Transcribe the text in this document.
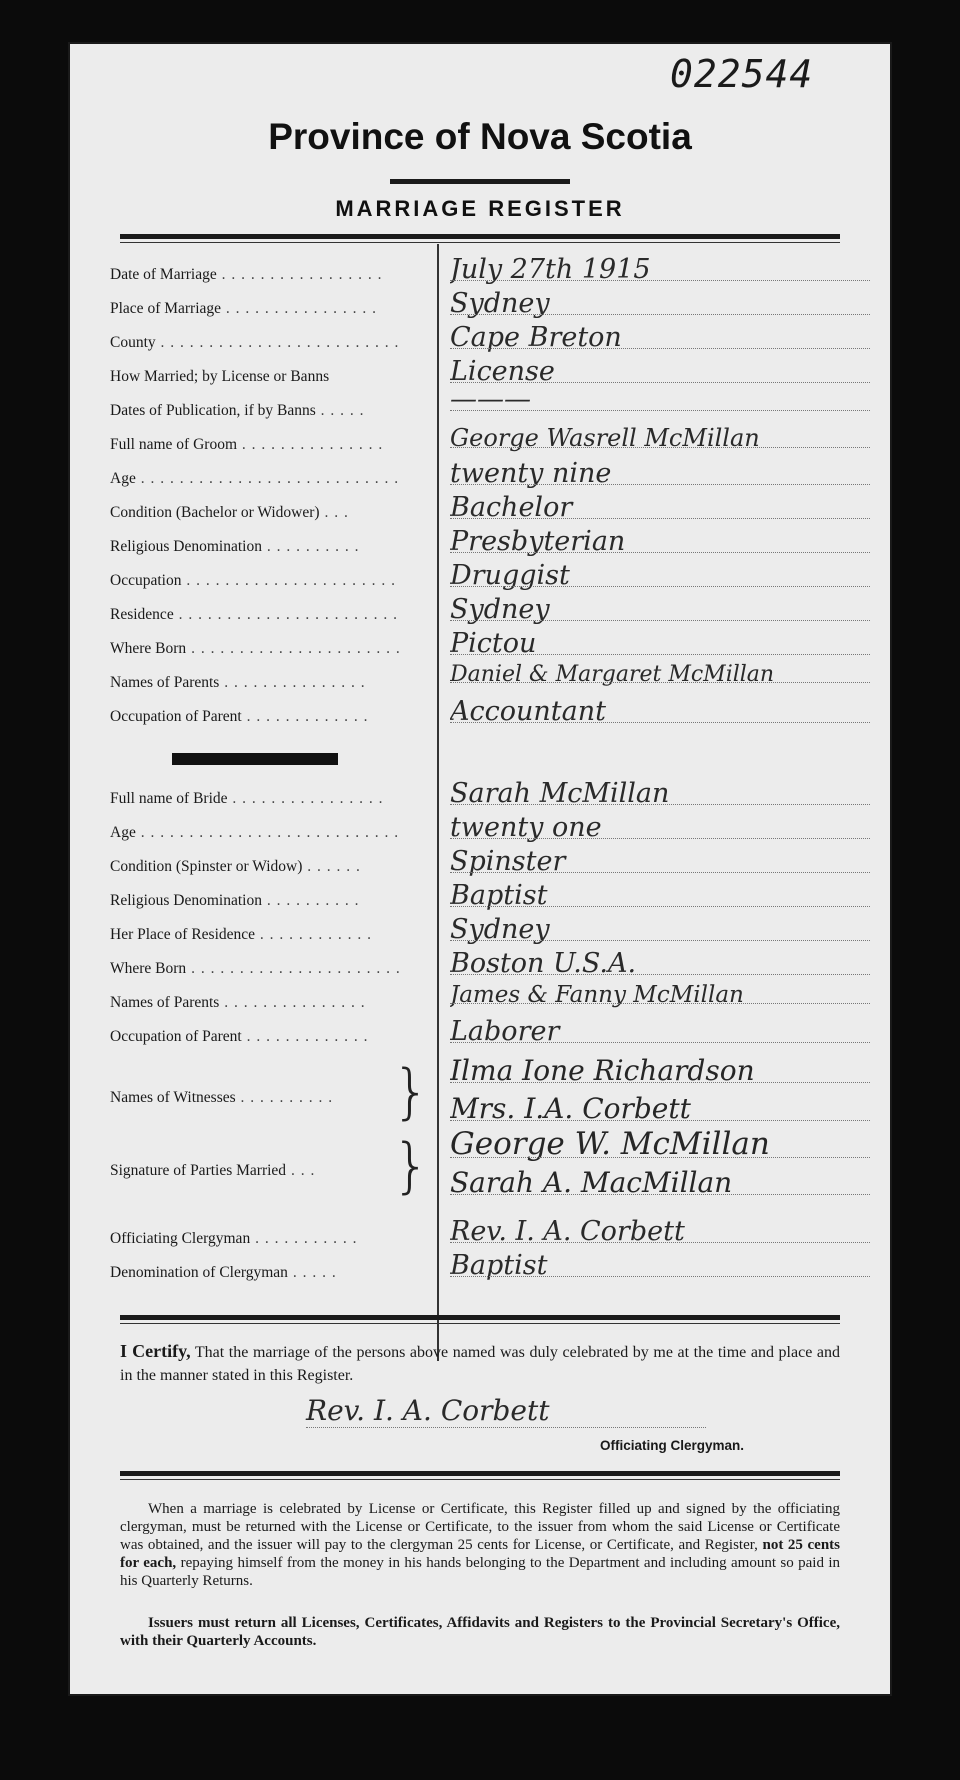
022544
Province of Nova Scotia
MARRIAGE REGISTER
Date of Marriage . . . . . . . . . . . . . . . . .	July 27th 1915
Place of Marriage . . . . . . . . . . . . . . . .	Sydney
County . . . . . . . . . . . . . . . . . . . . . . . . .	Cape Breton
How Married; by License or Banns	License
Dates of Publication, if by Banns . . . . .	———
Full name of Groom . . . . . . . . . . . . . . .	George Wasrell McMillan
Age . . . . . . . . . . . . . . . . . . . . . . . . . . .	twenty nine
Condition (Bachelor or Widower) . . .	Bachelor
Religious Denomination . . . . . . . . . .	Presbyterian
Occupation . . . . . . . . . . . . . . . . . . . . . .	Druggist
Residence . . . . . . . . . . . . . . . . . . . . . . .	Sydney
Where Born . . . . . . . . . . . . . . . . . . . . . .	Pictou
Names of Parents . . . . . . . . . . . . . . .	Daniel & Margaret McMillan
Occupation of Parent . . . . . . . . . . . . .	Accountant
Full name of Bride . . . . . . . . . . . . . . . .	Sarah McMillan
Age . . . . . . . . . . . . . . . . . . . . . . . . . . .	twenty one
Condition (Spinster or Widow) . . . . . .	Spinster
Religious Denomination . . . . . . . . . .	Baptist
Her Place of Residence . . . . . . . . . . . .	Sydney
Where Born . . . . . . . . . . . . . . . . . . . . . .	Boston U.S.A.
Names of Parents . . . . . . . . . . . . . . .	James & Fanny McMillan
Occupation of Parent . . . . . . . . . . . . .	Laborer
Names of Witnesses . . . . . . . . . . } Ilma Ione Richardson
Mrs. I.A. Corbett
Signature of Parties Married . . .	} George W. McMillan
Sarah A. MacMillan
Officiating Clergyman . . . . . . . . . . .	Rev. I. A. Corbett
Denomination of Clergyman . . . . .	Baptist
I Certify, That the marriage of the persons above named was duly celebrated by me at the time and place and in the manner stated in this Register.
Rev. I. A. Corbett
Officiating Clergyman.
When a marriage is celebrated by License or Certificate, this Register filled up and signed by the officiating clergyman, must be returned with the License or Certificate, to the issuer from whom the said License or Certificate was obtained, and the issuer will pay to the clergyman 25 cents for License, or Certificate, and Register, not 25 cents for each, repaying himself from the money in his hands belonging to the Department and including amount so paid in his Quarterly Returns.
Issuers must return all Licenses, Certificates, Affidavits and Registers to the Provincial Secretary's Office, with their Quarterly Accounts.
